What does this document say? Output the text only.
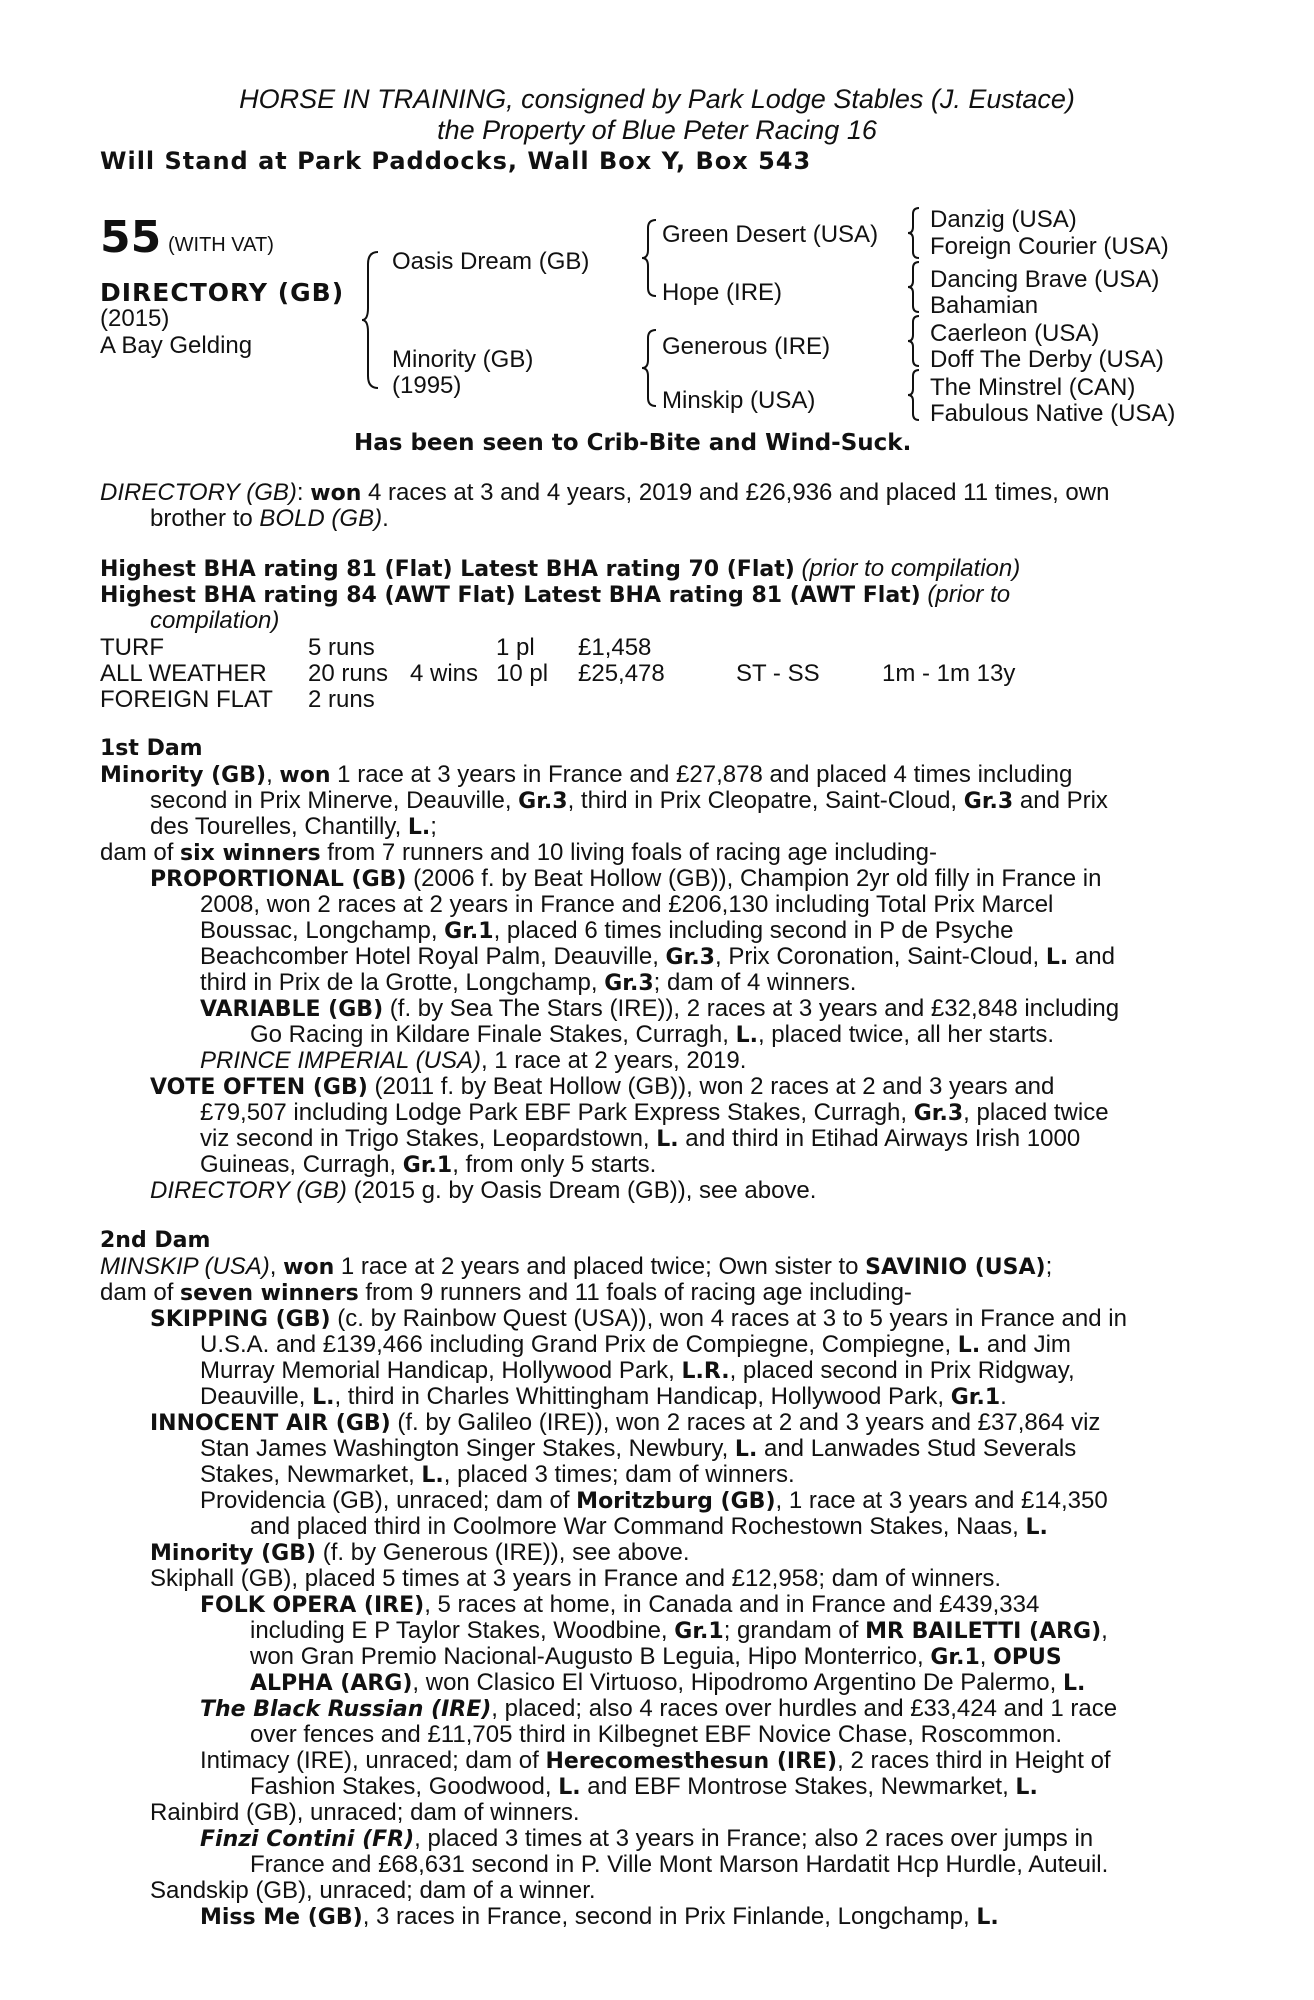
HORSE IN TRAINING, consigned by Park Lodge Stables (J. Eustace)
the Property of Blue Peter Racing 16
Will Stand at Park Paddocks, Wall Box Y, Box 543
55 (WITH VAT)
DIRECTORY (GB)
(2015)
A Bay Gelding
Oasis Dream (GB)
Minority (GB)
(1995)
Green Desert (USA)
Hope (IRE)
Generous (IRE)
Minskip (USA)
Danzig (USA)
Foreign Courier (USA)
Dancing Brave (USA)
Bahamian
Caerleon (USA)
Doff The Derby (USA)
The Minstrel (CAN)
Fabulous Native (USA)
Has been seen to Crib-Bite and Wind-Suck.
DIRECTORY (GB): won 4 races at 3 and 4 years, 2019 and £26,936 and placed 11 times, own
brother to BOLD (GB).
Highest BHA rating 81 (Flat) Latest BHA rating 70 (Flat) (prior to compilation)
Highest BHA rating 84 (AWT Flat) Latest BHA rating 81 (AWT Flat) (prior to
compilation)
TURF	5 runs	1 pl £1,458
ALL WEATHER 20 runs 4 wins 10 pl £25,478	ST - SS	1m - 1m 13y
FOREIGN FLAT 2 runs
1st Dam
Minority (GB), won 1 race at 3 years in France and £27,878 and placed 4 times including
second in Prix Minerve, Deauville, Gr.3, third in Prix Cleopatre, Saint-Cloud, Gr.3 and Prix
des Tourelles, Chantilly, L.;
dam of six winners from 7 runners and 10 living foals of racing age including-
PROPORTIONAL (GB) (2006 f. by Beat Hollow (GB)), Champion 2yr old filly in France in
2008, won 2 races at 2 years in France and £206,130 including Total Prix Marcel
Boussac, Longchamp, Gr.1, placed 6 times including second in P de Psyche
Beachcomber Hotel Royal Palm, Deauville, Gr.3, Prix Coronation, Saint-Cloud, L. and
third in Prix de la Grotte, Longchamp, Gr.3; dam of 4 winners.
VARIABLE (GB) (f. by Sea The Stars (IRE)), 2 races at 3 years and £32,848 including
Go Racing in Kildare Finale Stakes, Curragh, L., placed twice, all her starts.
PRINCE IMPERIAL (USA), 1 race at 2 years, 2019.
VOTE OFTEN (GB) (2011 f. by Beat Hollow (GB)), won 2 races at 2 and 3 years and
£79,507 including Lodge Park EBF Park Express Stakes, Curragh, Gr.3, placed twice
viz second in Trigo Stakes, Leopardstown, L. and third in Etihad Airways Irish 1000
Guineas, Curragh, Gr.1, from only 5 starts.
DIRECTORY (GB) (2015 g. by Oasis Dream (GB)), see above.
2nd Dam
MINSKIP (USA), won 1 race at 2 years and placed twice; Own sister to SAVINIO (USA);
dam of seven winners from 9 runners and 11 foals of racing age including-
SKIPPING (GB) (c. by Rainbow Quest (USA)), won 4 races at 3 to 5 years in France and in
U.S.A. and £139,466 including Grand Prix de Compiegne, Compiegne, L. and Jim
Murray Memorial Handicap, Hollywood Park, L.R., placed second in Prix Ridgway,
Deauville, L., third in Charles Whittingham Handicap, Hollywood Park, Gr.1.
INNOCENT AIR (GB) (f. by Galileo (IRE)), won 2 races at 2 and 3 years and £37,864 viz
Stan James Washington Singer Stakes, Newbury, L. and Lanwades Stud Severals
Stakes, Newmarket, L., placed 3 times; dam of winners.
Providencia (GB), unraced; dam of Moritzburg (GB), 1 race at 3 years and £14,350
and placed third in Coolmore War Command Rochestown Stakes, Naas, L.
Minority (GB) (f. by Generous (IRE)), see above.
Skiphall (GB), placed 5 times at 3 years in France and £12,958; dam of winners.
FOLK OPERA (IRE), 5 races at home, in Canada and in France and £439,334
including E P Taylor Stakes, Woodbine, Gr.1; grandam of MR BAILETTI (ARG),
won Gran Premio Nacional-Augusto B Leguia, Hipo Monterrico, Gr.1, OPUS
ALPHA (ARG), won Clasico El Virtuoso, Hipodromo Argentino De Palermo, L.
The Black Russian (IRE), placed; also 4 races over hurdles and £33,424 and 1 race
over fences and £11,705 third in Kilbegnet EBF Novice Chase, Roscommon.
Intimacy (IRE), unraced; dam of Herecomesthesun (IRE), 2 races third in Height of
Fashion Stakes, Goodwood, L. and EBF Montrose Stakes, Newmarket, L.
Rainbird (GB), unraced; dam of winners.
Finzi Contini (FR), placed 3 times at 3 years in France; also 2 races over jumps in
France and £68,631 second in P. Ville Mont Marson Hardatit Hcp Hurdle, Auteuil.
Sandskip (GB), unraced; dam of a winner.
Miss Me (GB), 3 races in France, second in Prix Finlande, Longchamp, L.
